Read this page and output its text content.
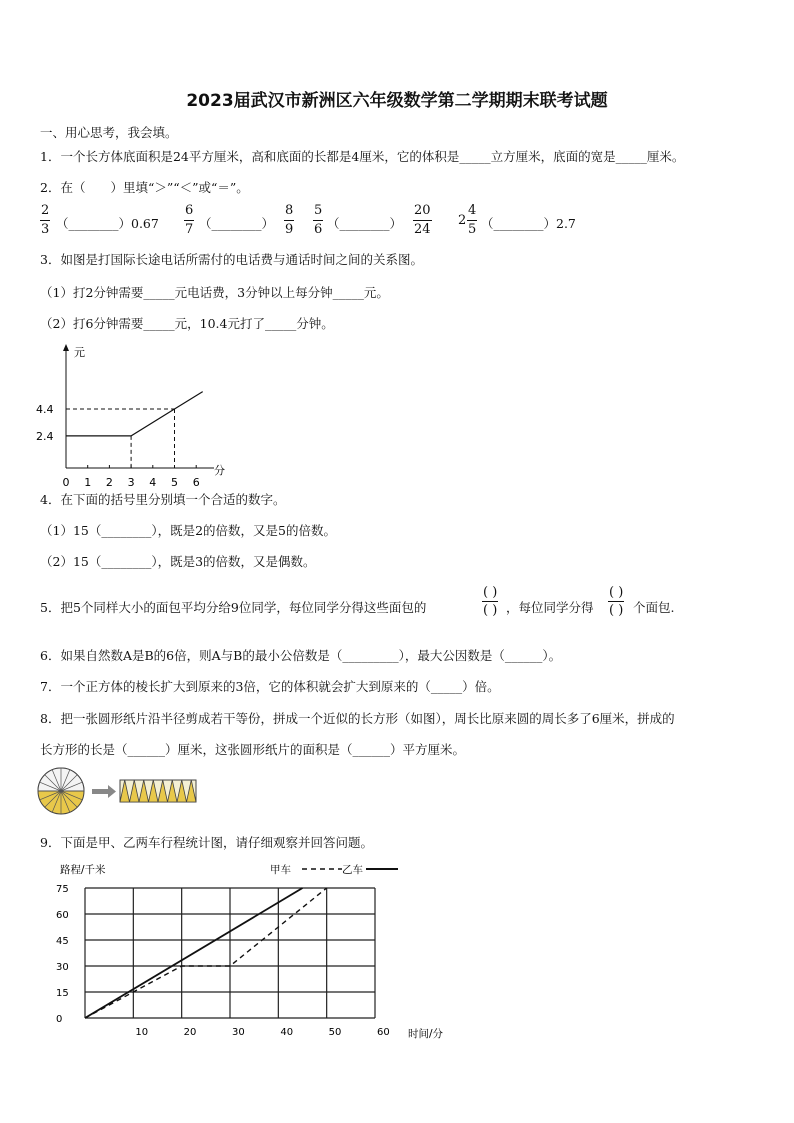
2023届武汉市新洲区六年级数学第二学期期末联考试题
一、用心思考，我会填。
1．一个长方体底面积是24平方厘米，高和底面的长都是4厘米，它的体积是_____立方厘米，底面的宽是_____厘米。
2．在（　　）里填“＞”“＜”或“＝”。
2
3 （________）0.67
6
7 （________）
8
9
5
6 （________）
20
24
2
4
5 （________）2.7
3．如图是打国际长途电话所需付的电话费与通话时间之间的关系图。
（1）打2分钟需要_____元电话费，3分钟以上每分钟_____元。
（2）打6分钟需要_____元，10.4元打了_____分钟。
元
分
0 1 2 3 4 5 6
4.4
2.4
4．在下面的括号里分别填一个合适的数字。
（1）15（________），既是2的倍数，又是5的倍数。
（2）15（________），既是3的倍数，又是偶数。
5．把5个同样大小的面包平均分给9位同学，每位同学分得这些面包的
( )
( ) ，每位同学分得
( )
( ) 个面包.
6．如果自然数A是B的6倍，则A与B的最小公倍数是（_________），最大公因数是（______）。
7．一个正方体的棱长扩大到原来的3倍，它的体积就会扩大到原来的（_____）倍。
8．把一张圆形纸片沿半径剪成若干等份，拼成一个近似的长方形（如图），周长比原来圆的周长多了6厘米，拼成的
长方形的长是（______）厘米，这张圆形纸片的面积是（______）平方厘米。
9．下面是甲、乙两车行程统计图，请仔细观察并回答问题。
路程/千米	甲车	乙车
时间/分
75
60
45
30
15
0
10	20	30	40	50	60
